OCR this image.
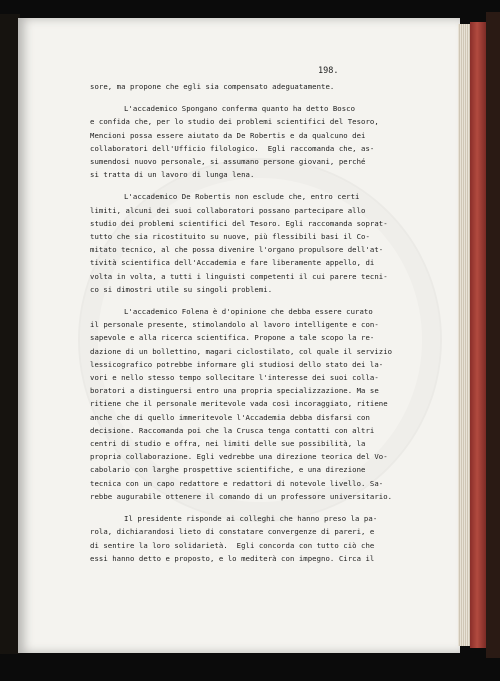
198.
sore, ma propone che egli sia compensato adeguatamente.
L'accademico Spongano conferma quanto ha detto Bosco
e confida che, per lo studio dei problemi scientifici del Tesoro,
Mencioni possa essere aiutato da De Robertis e da qualcuno dei
collaboratori dell'Ufficio filologico.  Egli raccomanda che, as-
sumendosi nuovo personale, si assumano persone giovani, perché
si tratta di un lavoro di lunga lena.
L'accademico De Robertis non esclude che, entro certi
limiti, alcuni dei suoi collaboratori possano partecipare allo
studio dei problemi scientifici del Tesoro. Egli raccomanda soprat-
tutto che sia ricostituito su nuove, più flessibili basi il Co-
mitato tecnico, al che possa divenire l'organo propulsore dell'at-
tività scientifica dell'Accademia e fare liberamente appello, di
volta in volta, a tutti i linguisti competenti il cui parere tecni-
co si dimostri utile su singoli problemi.
L'accademico Folena è d'opinione che debba essere curato
il personale presente, stimolandolo al lavoro intelligente e con-
sapevole e alla ricerca scientifica. Propone a tale scopo la re-
dazione di un bollettino, magari ciclostilato, col quale il servizio
lessicografico potrebbe informare gli studiosi dello stato dei la-
vori e nello stesso tempo sollecitare l'interesse dei suoi colla-
boratori a distinguersi entro una propria specializzazione. Ma se
ritiene che il personale meritevole vada così incoraggiato, ritiene
anche che di quello immeritevole l'Accademia debba disfarsi con
decisione. Raccomanda poi che la Crusca tenga contatti con altri
centri di studio e offra, nei limiti delle sue possibilità, la
propria collaborazione. Egli vedrebbe una direzione teorica del Vo-
cabolario con larghe prospettive scientifiche, e una direzione
tecnica con un capo redattore e redattori di notevole livello. Sa-
rebbe augurabile ottenere il comando di un professore universitario.
Il presidente risponde ai colleghi che hanno preso la pa-
rola, dichiarandosi lieto di constatare convergenze di pareri, e
di sentire la loro solidarietà.  Egli concorda con tutto ciò che
essi hanno detto e proposto, e lo mediterà con impegno. Circa il
